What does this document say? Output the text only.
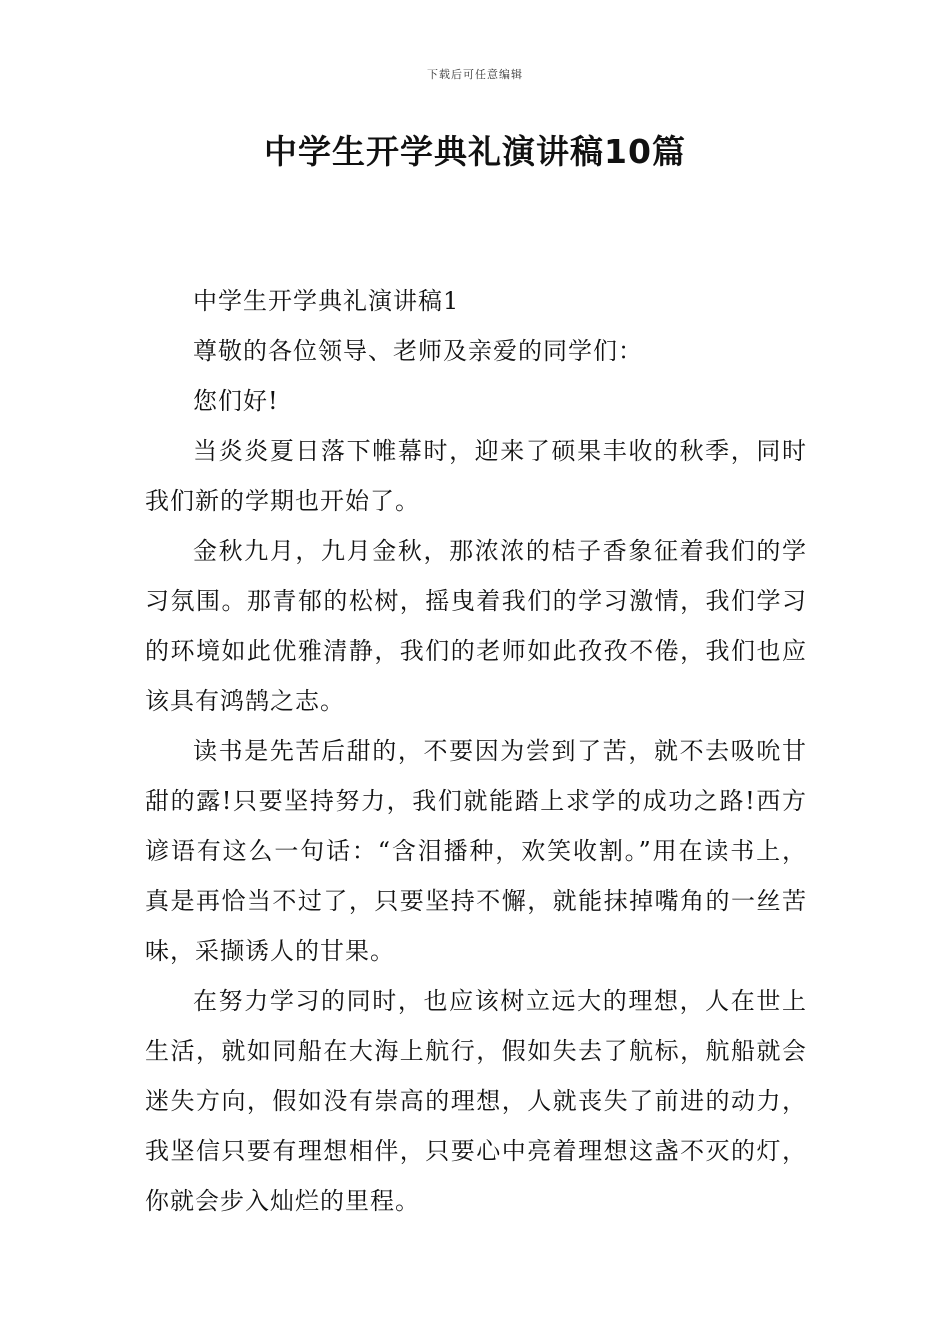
下载后可任意编辑
中学生开学典礼演讲稿10篇

中学生开学典礼演讲稿1

尊敬的各位领导、老师及亲爱的同学们：

您们好!

当炎炎夏日落下帷幕时，迎来了硕果丰收的秋季，同时我们新的学期也开始了。

金秋九月，九月金秋，那浓浓的桔子香象征着我们的学习氛围。那青郁的松树，摇曳着我们的学习激情，我们学习的环境如此优雅清静，我们的老师如此孜孜不倦，我们也应该具有鸿鹄之志。

读书是先苦后甜的，不要因为尝到了苦，就不去吸吮甘甜的露!只要坚持努力，我们就能踏上求学的成功之路!西方谚语有这么一句话：“含泪播种，欢笑收割。”用在读书上，真是再恰当不过了，只要坚持不懈，就能抹掉嘴角的一丝苦味，采撷诱人的甘果。

在努力学习的同时，也应该树立远大的理想，人在世上生活，就如同船在大海上航行，假如失去了航标，航船就会迷失方向，假如没有崇高的理想，人就丧失了前进的动力，我坚信只要有理想相伴，只要心中亮着理想这盏不灭的灯，你就会步入灿烂的里程。
